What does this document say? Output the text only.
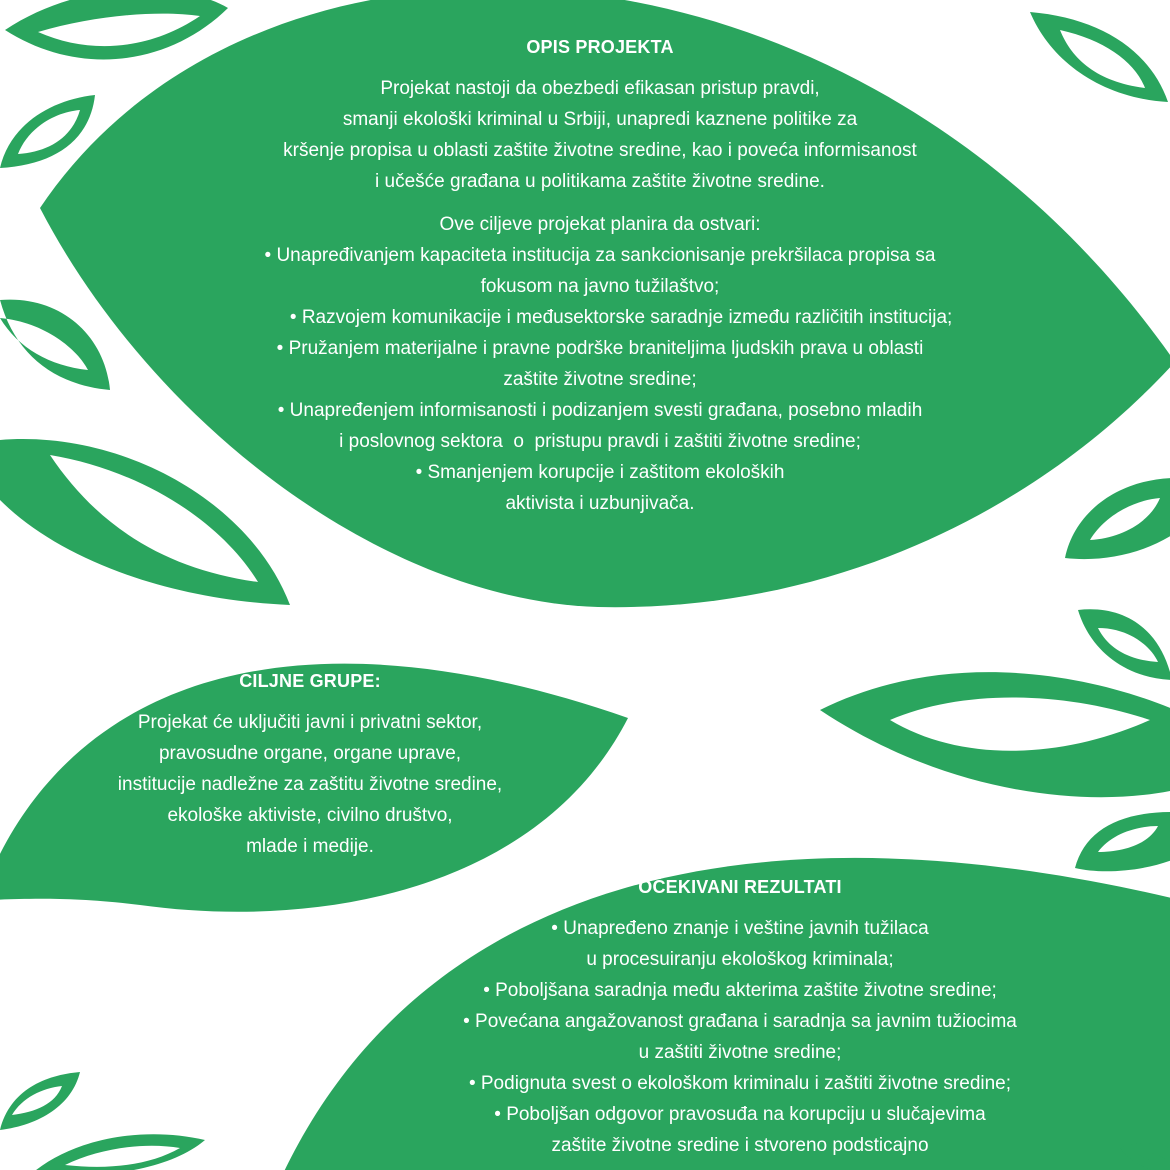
OPIS PROJEKTA
Projekat nastoji da obezbedi efikasan pristup pravdi,
smanji ekološki kriminal u Srbiji, unapredi kaznene politike za
kršenje propisa u oblasti zaštite životne sredine, kao i poveća informisanost
i učešće građana u politikama zaštite životne sredine.
Ove ciljeve projekat planira da ostvari:
• Unapređivanjem kapaciteta institucija za sankcionisanje prekršilaca propisa sa
fokusom na javno tužilaštvo;
• Razvojem komunikacije i međusektorske saradnje između različitih institucija;
• Pružanjem materijalne i pravne podrške braniteljima ljudskih prava u oblasti
zaštite životne sredine;
• Unapređenjem informisanosti i podizanjem svesti građana, posebno mladih
i poslovnog sektora  o  pristupu pravdi i zaštiti životne sredine;
• Smanjenjem korupcije i zaštitom ekoloških
aktivista i uzbunjivača.
CILJNE GRUPE:
Projekat će uključiti javni i privatni sektor,
pravosudne organe, organe uprave,
institucije nadležne za zaštitu životne sredine,
ekološke aktiviste, civilno društvo,
mlade i medije.
OČEKIVANI REZULTATI
• Unapređeno znanje i veštine javnih tužilaca
u procesuiranju ekološkog kriminala;
• Poboljšana saradnja među akterima zaštite životne sredine;
• Povećana angažovanost građana i saradnja sa javnim tužiocima
u zaštiti životne sredine;
• Podignuta svest o ekološkom kriminalu i zaštiti životne sredine;
• Poboljšan odgovor pravosuđa na korupciju u slučajevima
zaštite životne sredine i stvoreno podsticajno
